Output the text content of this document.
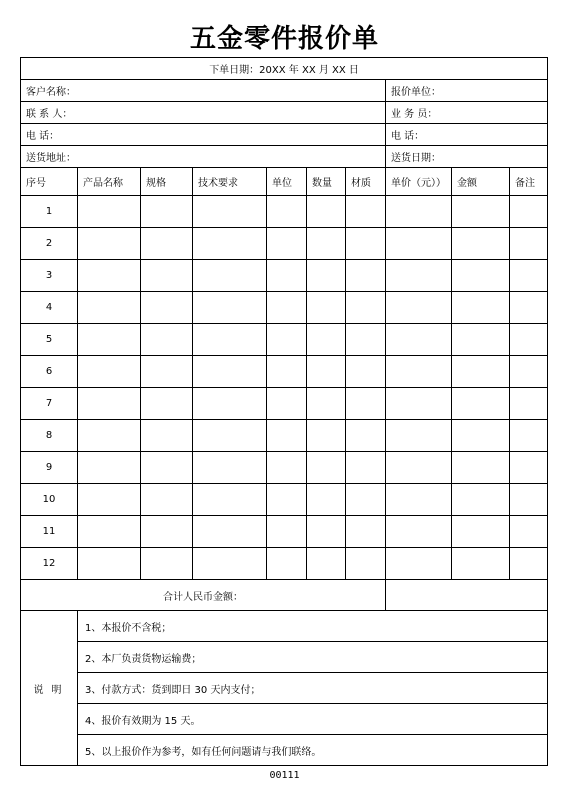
五金零件报价单
下单日期：20XX 年 XX 月 XX 日									
客户名称：							报价单位：		
联 系 人：							业 务 员：		
电 话：							电 话：		
送货地址：							送货日期：		
序号	产品名称	规格	技术要求	单位	数量	材质	单价（元））	金额	备注
1									
2									
3									
4									
5									
6									
7									
8									
9									
10									
11									
12									
合计人民币金额：									
说明	1、本报价不含税；								
	2、本厂负责货物运输费；								
	3、付款方式：货到即日 30 天内支付；								
	4、报价有效期为 15 天。								
	5、以上报价作为参考，如有任何问题请与我们联络。								
00111
